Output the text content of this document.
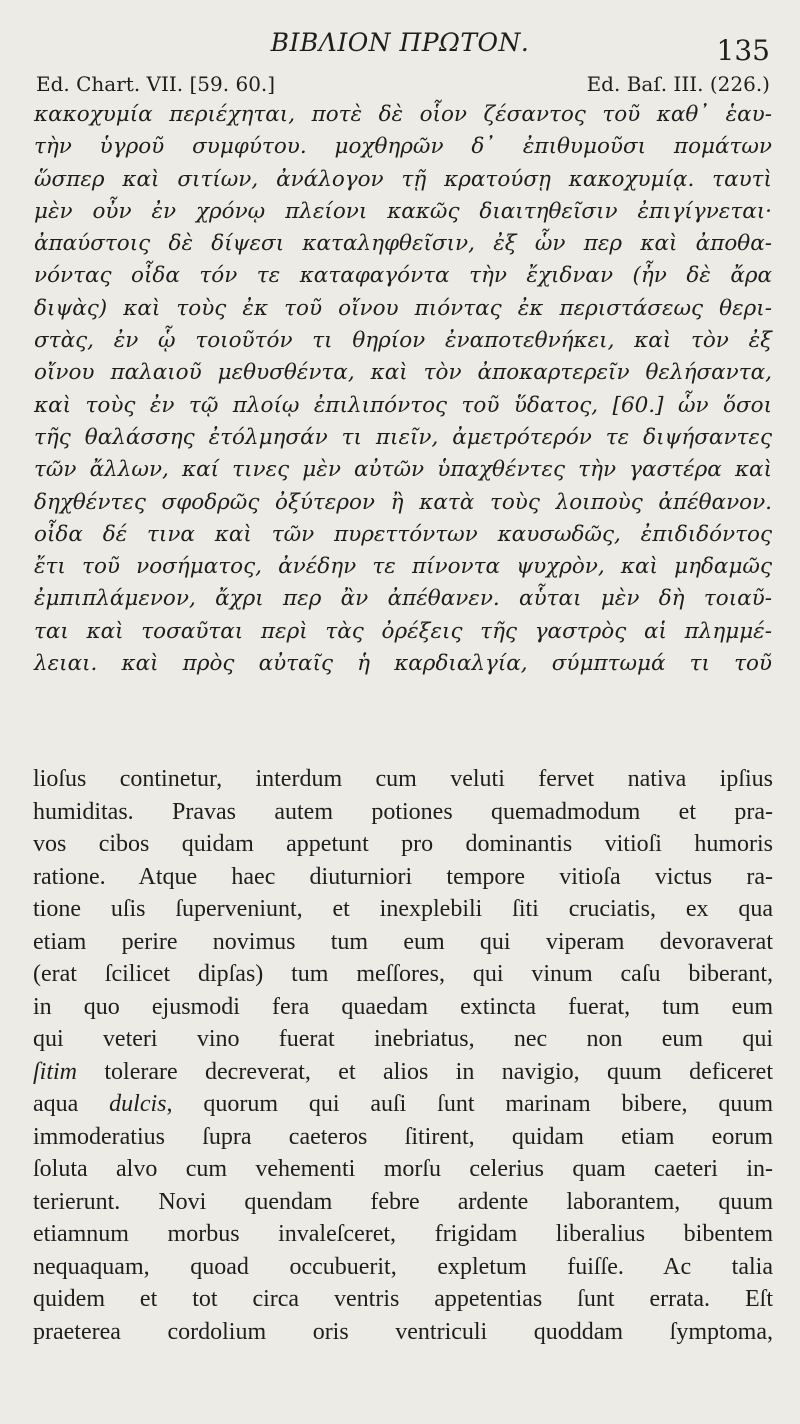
ΒΙΒΛΙΟΝ ΠΡΩΤΟΝ.	135
Ed. Chart. VII. [59. 60.]	Ed. Baſ. III. (226.)
κακοχυμία περιέχηται, ποτὲ δὲ οἷον ζέσαντος τοῦ καθ᾽ ἑαυ-
τὴν ὑγροῦ συμφύτου. μοχθηρῶν δ᾽ ἐπιθυμοῦσι πομάτων
ὥσπερ καὶ σιτίων, ἀνάλογον τῇ κρατούσῃ κακοχυμίᾳ. ταυτὶ
μὲν οὖν ἐν χρόνῳ πλείονι κακῶς διαιτηθεῖσιν ἐπιγίγνεται·
ἀπαύστοις δὲ δίψεσι καταληφθεῖσιν, ἐξ ὧν περ καὶ ἀποθα-
νόντας οἶδα τόν τε καταφαγόντα τὴν ἔχιδναν (ἦν δὲ ἄρα
διψὰς) καὶ τοὺς ἐκ τοῦ οἴνου πιόντας ἐκ περιστάσεως θερι-
στὰς, ἐν ᾧ τοιοῦτόν τι θηρίον ἐναποτεθνήκει, καὶ τὸν ἐξ
οἴνου παλαιοῦ μεθυσθέντα, καὶ τὸν ἀποκαρτερεῖν θελήσαντα,
καὶ τοὺς ἐν τῷ πλοίῳ ἐπιλιπόντος τοῦ ὕδατος, [60.] ὧν ὅσοι
τῆς θαλάσσης ἐτόλμησάν τι πιεῖν, ἀμετρότερόν τε διψήσαντες
τῶν ἄλλων, καί τινες μὲν αὐτῶν ὑπαχθέντες τὴν γαστέρα καὶ
δηχθέντες σφοδρῶς ὀξύτερον ἢ κατὰ τοὺς λοιποὺς ἀπέθανον.
οἶδα δέ τινα καὶ τῶν πυρεττόντων καυσωδῶς, ἐπιδιδόντος
ἔτι τοῦ νοσήματος, ἀνέδην τε πίνοντα ψυχρὸν, καὶ μηδαμῶς
ἐμπιπλάμενον, ἄχρι περ ἂν ἀπέθανεν. αὗται μὲν δὴ τοιαῦ-
ται καὶ τοσαῦται περὶ τὰς ὀρέξεις τῆς γαστρὸς αἱ πλημμέ-
λειαι. καὶ πρὸς αὐταῖς ἡ καρδιαλγία, σύμπτωμά τι τοῦ
lioſus continetur, interdum cum veluti fervet nativa ipſius
humiditas. Pravas autem potiones quemadmodum et pra-
vos cibos quidam appetunt pro dominantis vitioſi humoris
ratione. Atque haec diuturniori tempore vitioſa victus ra-
tione uſis ſuperveniunt, et inexplebili ſiti cruciatis, ex qua
etiam perire novimus tum eum qui viperam devoraverat
(erat ſcilicet dipſas) tum meſſores, qui vinum caſu biberant,
in quo ejusmodi fera quaedam extincta fuerat, tum eum
qui veteri vino fuerat inebriatus, nec non eum qui
ſitim tolerare decreverat, et alios in navigio, quum deficeret
aqua dulcis, quorum qui auſi ſunt marinam bibere, quum
immoderatius ſupra caeteros ſitirent, quidam etiam eorum
ſoluta alvo cum vehementi morſu celerius quam caeteri in-
terierunt. Novi quendam febre ardente laborantem, quum
etiamnum morbus invaleſceret, frigidam liberalius bibentem
nequaquam, quoad occubuerit, expletum fuiſſe. Ac talia
quidem et tot circa ventris appetentias ſunt errata. Eſt
praeterea cordolium oris ventriculi quoddam ſymptoma,
